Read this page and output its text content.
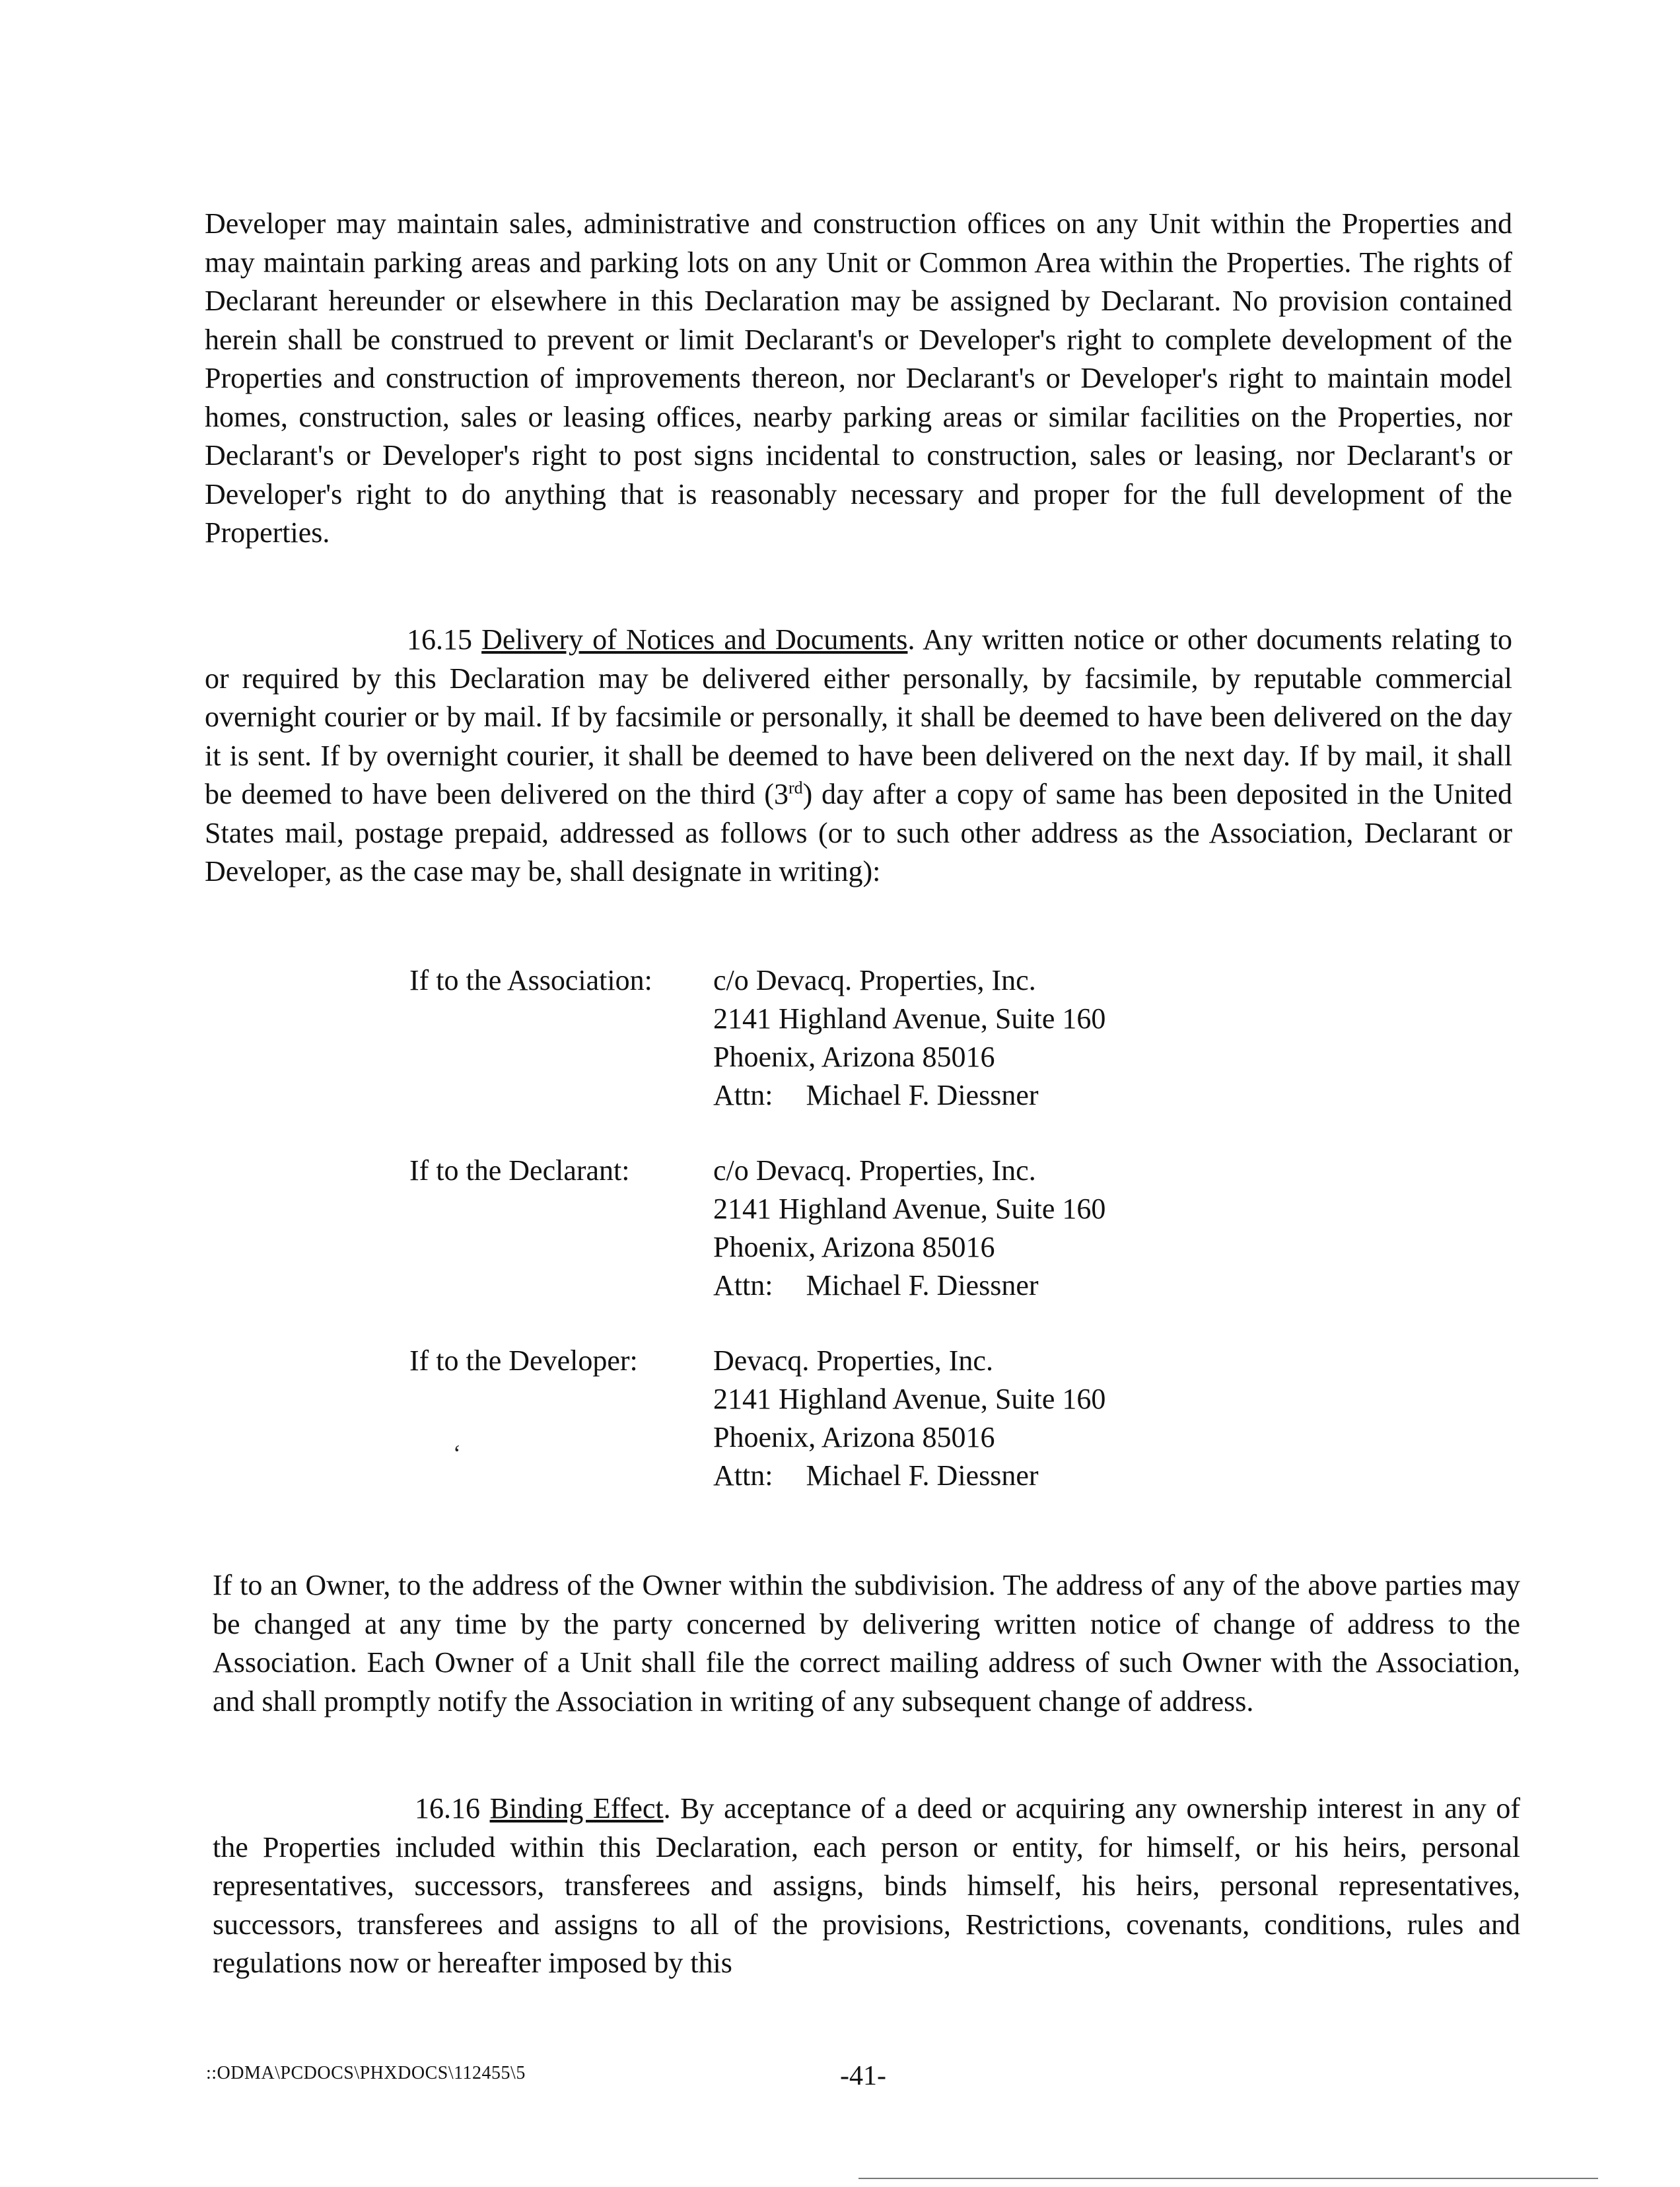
Developer may maintain sales, administrative and construction offices on any Unit within the Properties and may maintain parking areas and parking lots on any Unit or Common Area within the Properties. The rights of Declarant hereunder or elsewhere in this Declaration may be assigned by Declarant. No provision contained herein shall be construed to prevent or limit Declarant's or Developer's right to complete development of the Properties and construction of improvements thereon, nor Declarant's or Developer's right to maintain model homes, construction, sales or leasing offices, nearby parking areas or similar facilities on the Properties, nor Declarant's or Developer's right to post signs incidental to construction, sales or leasing, nor Declarant's or Developer's right to do anything that is reasonably necessary and proper for the full development of the Properties.

16.15 Delivery of Notices and Documents. Any written notice or other documents relating to or required by this Declaration may be delivered either personally, by facsimile, by reputable commercial overnight courier or by mail. If by facsimile or personally, it shall be deemed to have been delivered on the day it is sent. If by overnight courier, it shall be deemed to have been delivered on the next day. If by mail, it shall be deemed to have been delivered on the third (3rd) day after a copy of same has been deposited in the United States mail, postage prepaid, addressed as follows (or to such other address as the Association, Declarant or Developer, as the case may be, shall designate in writing):

If to the Association: c/o Devacq. Properties, Inc.
2141 Highland Avenue, Suite 160
Phoenix, Arizona 85016
Attn: Michael F. Diessner
If to the Declarant:	c/o Devacq. Properties, Inc.
2141 Highland Avenue, Suite 160
Phoenix, Arizona 85016
Attn: Michael F. Diessner
If to the Developer:	Devacq. Properties, Inc.
2141 Highland Avenue, Suite 160
Phoenix, Arizona 85016
Attn: Michael F. Diessner
‘

If to an Owner, to the address of the Owner within the subdivision. The address of any of the above parties may be changed at any time by the party concerned by delivering written notice of change of address to the Association. Each Owner of a Unit shall file the correct mailing address of such Owner with the Association, and shall promptly notify the Association in writing of any subsequent change of address.

16.16 Binding Effect. By acceptance of a deed or acquiring any ownership interest in any of the Properties included within this Declaration, each person or entity, for himself, or his heirs, personal representatives, successors, transferees and assigns, binds himself, his heirs, personal representatives, successors, transferees and assigns to all of the provisions, Restrictions, covenants, conditions, rules and regulations now or hereafter imposed by this

::ODMA\PCDOCS\PHXDOCS\112455\5	-41-
